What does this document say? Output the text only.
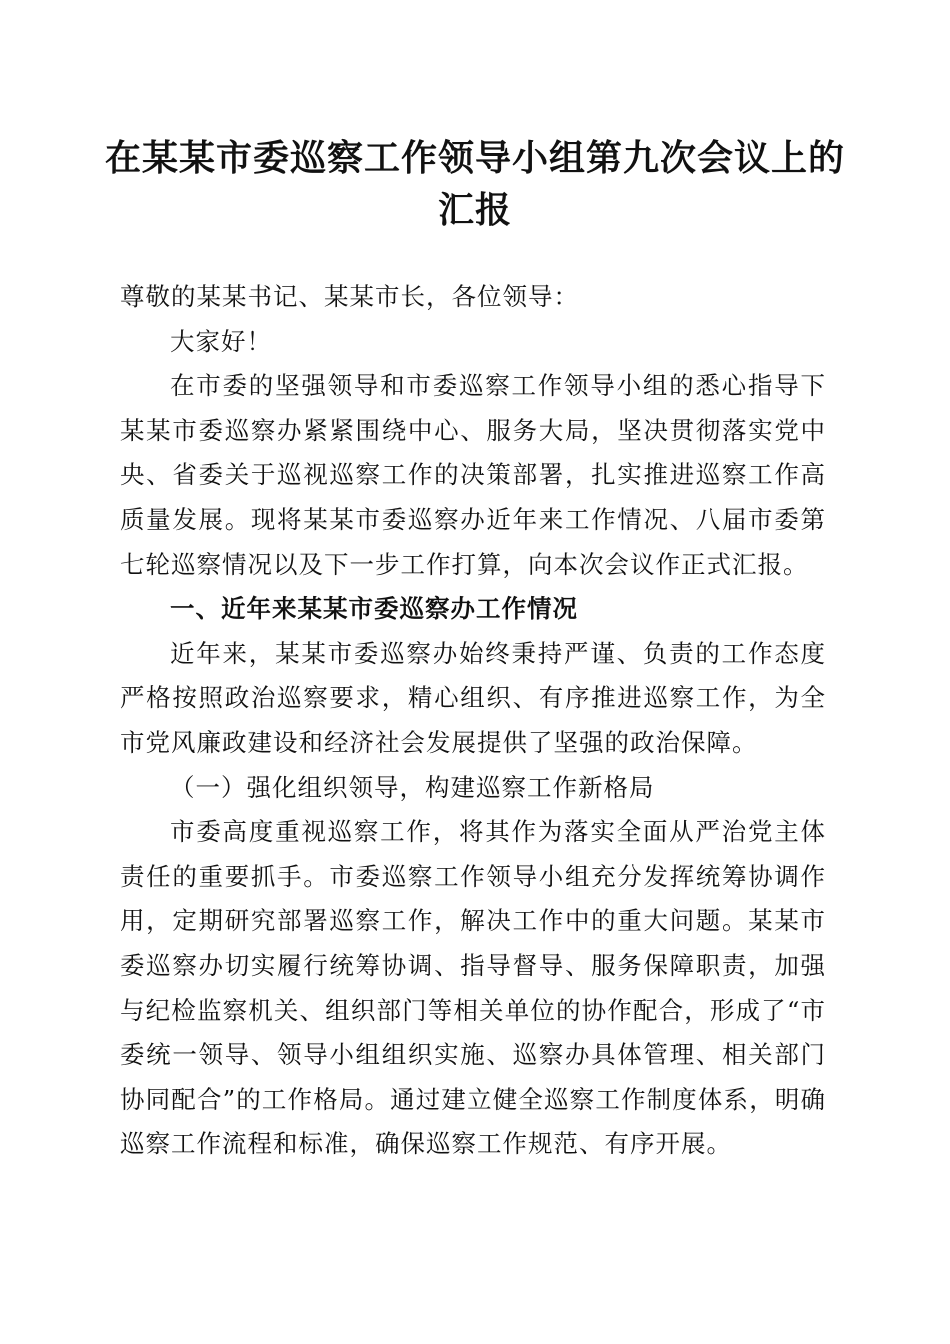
在某某市委巡察工作领导小组第九次会议上的汇报

尊敬的某某书记、某某市长，各位领导：

大家好！

在市委的坚强领导和市委巡察工作领导小组的悉心指导下某某市委巡察办紧紧围绕中心、服务大局，坚决贯彻落实党中央、省委关于巡视巡察工作的决策部署，扎实推进巡察工作高质量发展。现将某某市委巡察办近年来工作情况、八届市委第七轮巡察情况以及下一步工作打算，向本次会议作正式汇报。

一、近年来某某市委巡察办工作情况

近年来，某某市委巡察办始终秉持严谨、负责的工作态度严格按照政治巡察要求，精心组织、有序推进巡察工作，为全市党风廉政建设和经济社会发展提供了坚强的政治保障。

（一）强化组织领导，构建巡察工作新格局

市委高度重视巡察工作，将其作为落实全面从严治党主体责任的重要抓手。市委巡察工作领导小组充分发挥统筹协调作用，定期研究部署巡察工作，解决工作中的重大问题。某某市委巡察办切实履行统筹协调、指导督导、服务保障职责，加强与纪检监察机关、组织部门等相关单位的协作配合，形成了“市委统一领导、领导小组组织实施、巡察办具体管理、相关部门协同配合”的工作格局。通过建立健全巡察工作制度体系，明确巡察工作流程和标准，确保巡察工作规范、有序开展。
